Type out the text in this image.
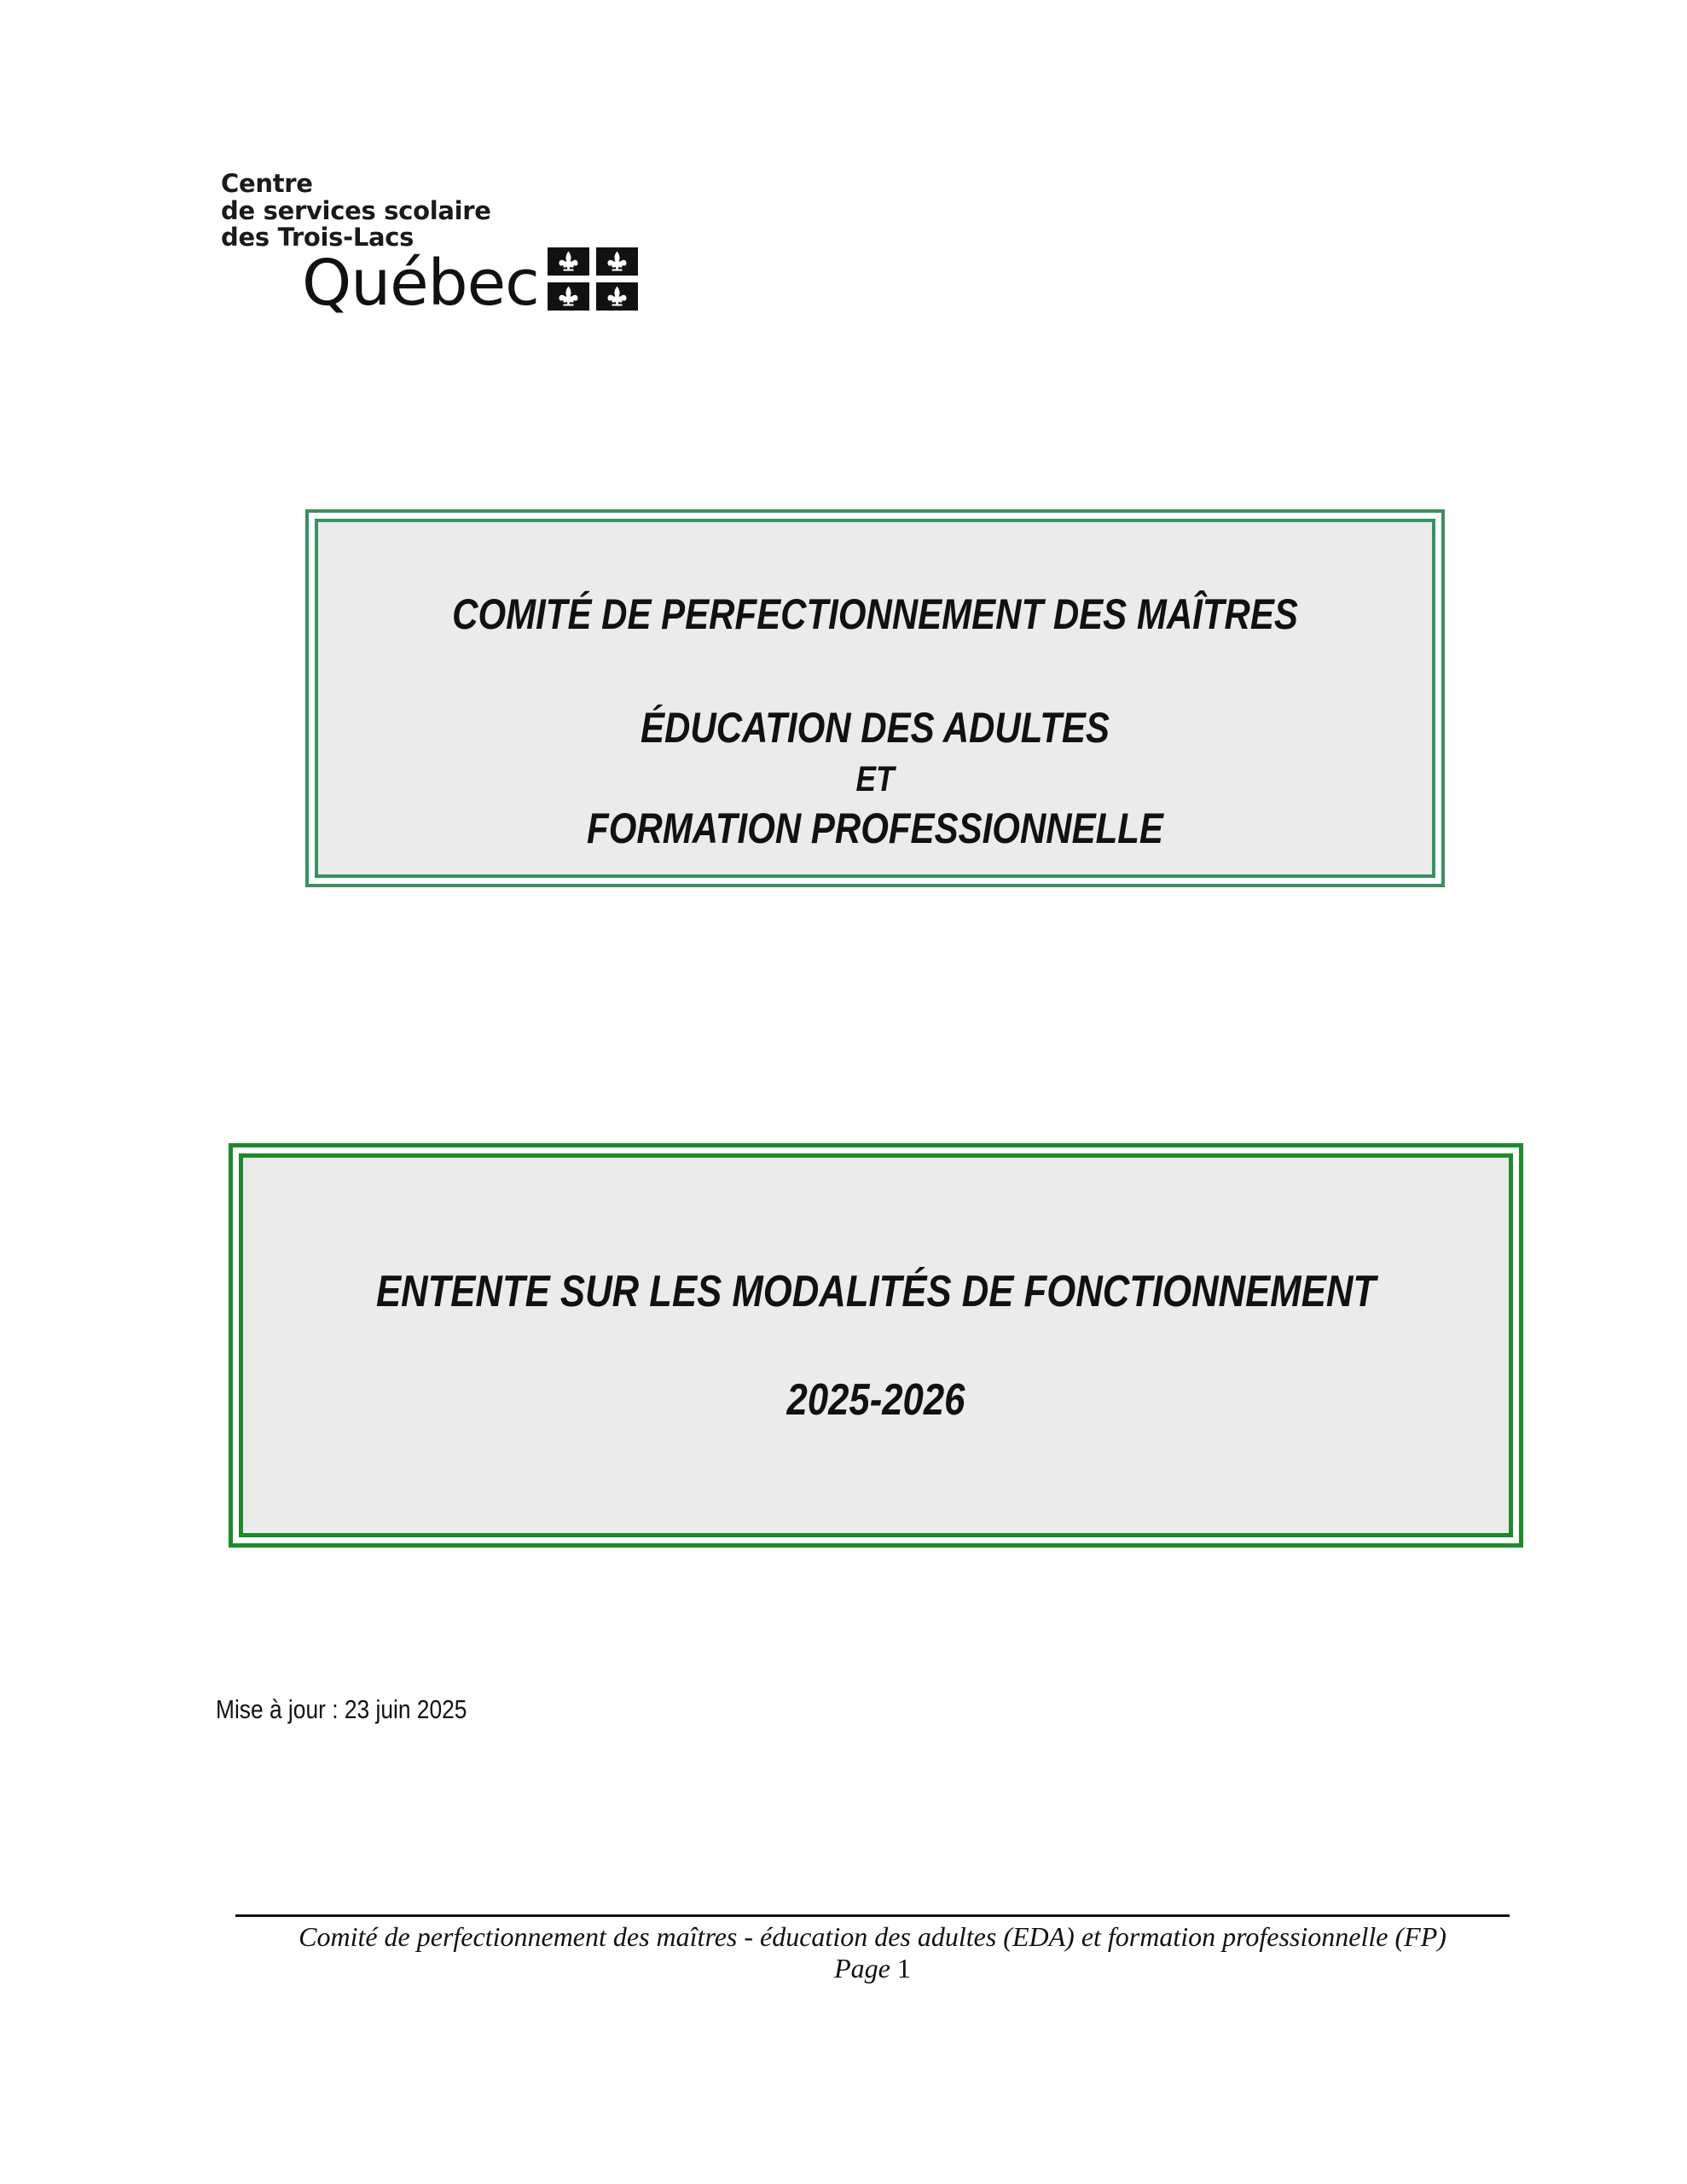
Centre
de services scolaire
des Trois-Lacs
Québec
COMITÉ DE PERFECTIONNEMENT DES MAÎTRES
ÉDUCATION DES ADULTES
ET
FORMATION PROFESSIONNELLE
ENTENTE SUR LES MODALITÉS DE FONCTIONNEMENT
2025-2026
Mise à jour : 23 juin 2025
Comité de perfectionnement des maîtres - éducation des adultes (EDA) et formation professionnelle (FP)
Page 1
